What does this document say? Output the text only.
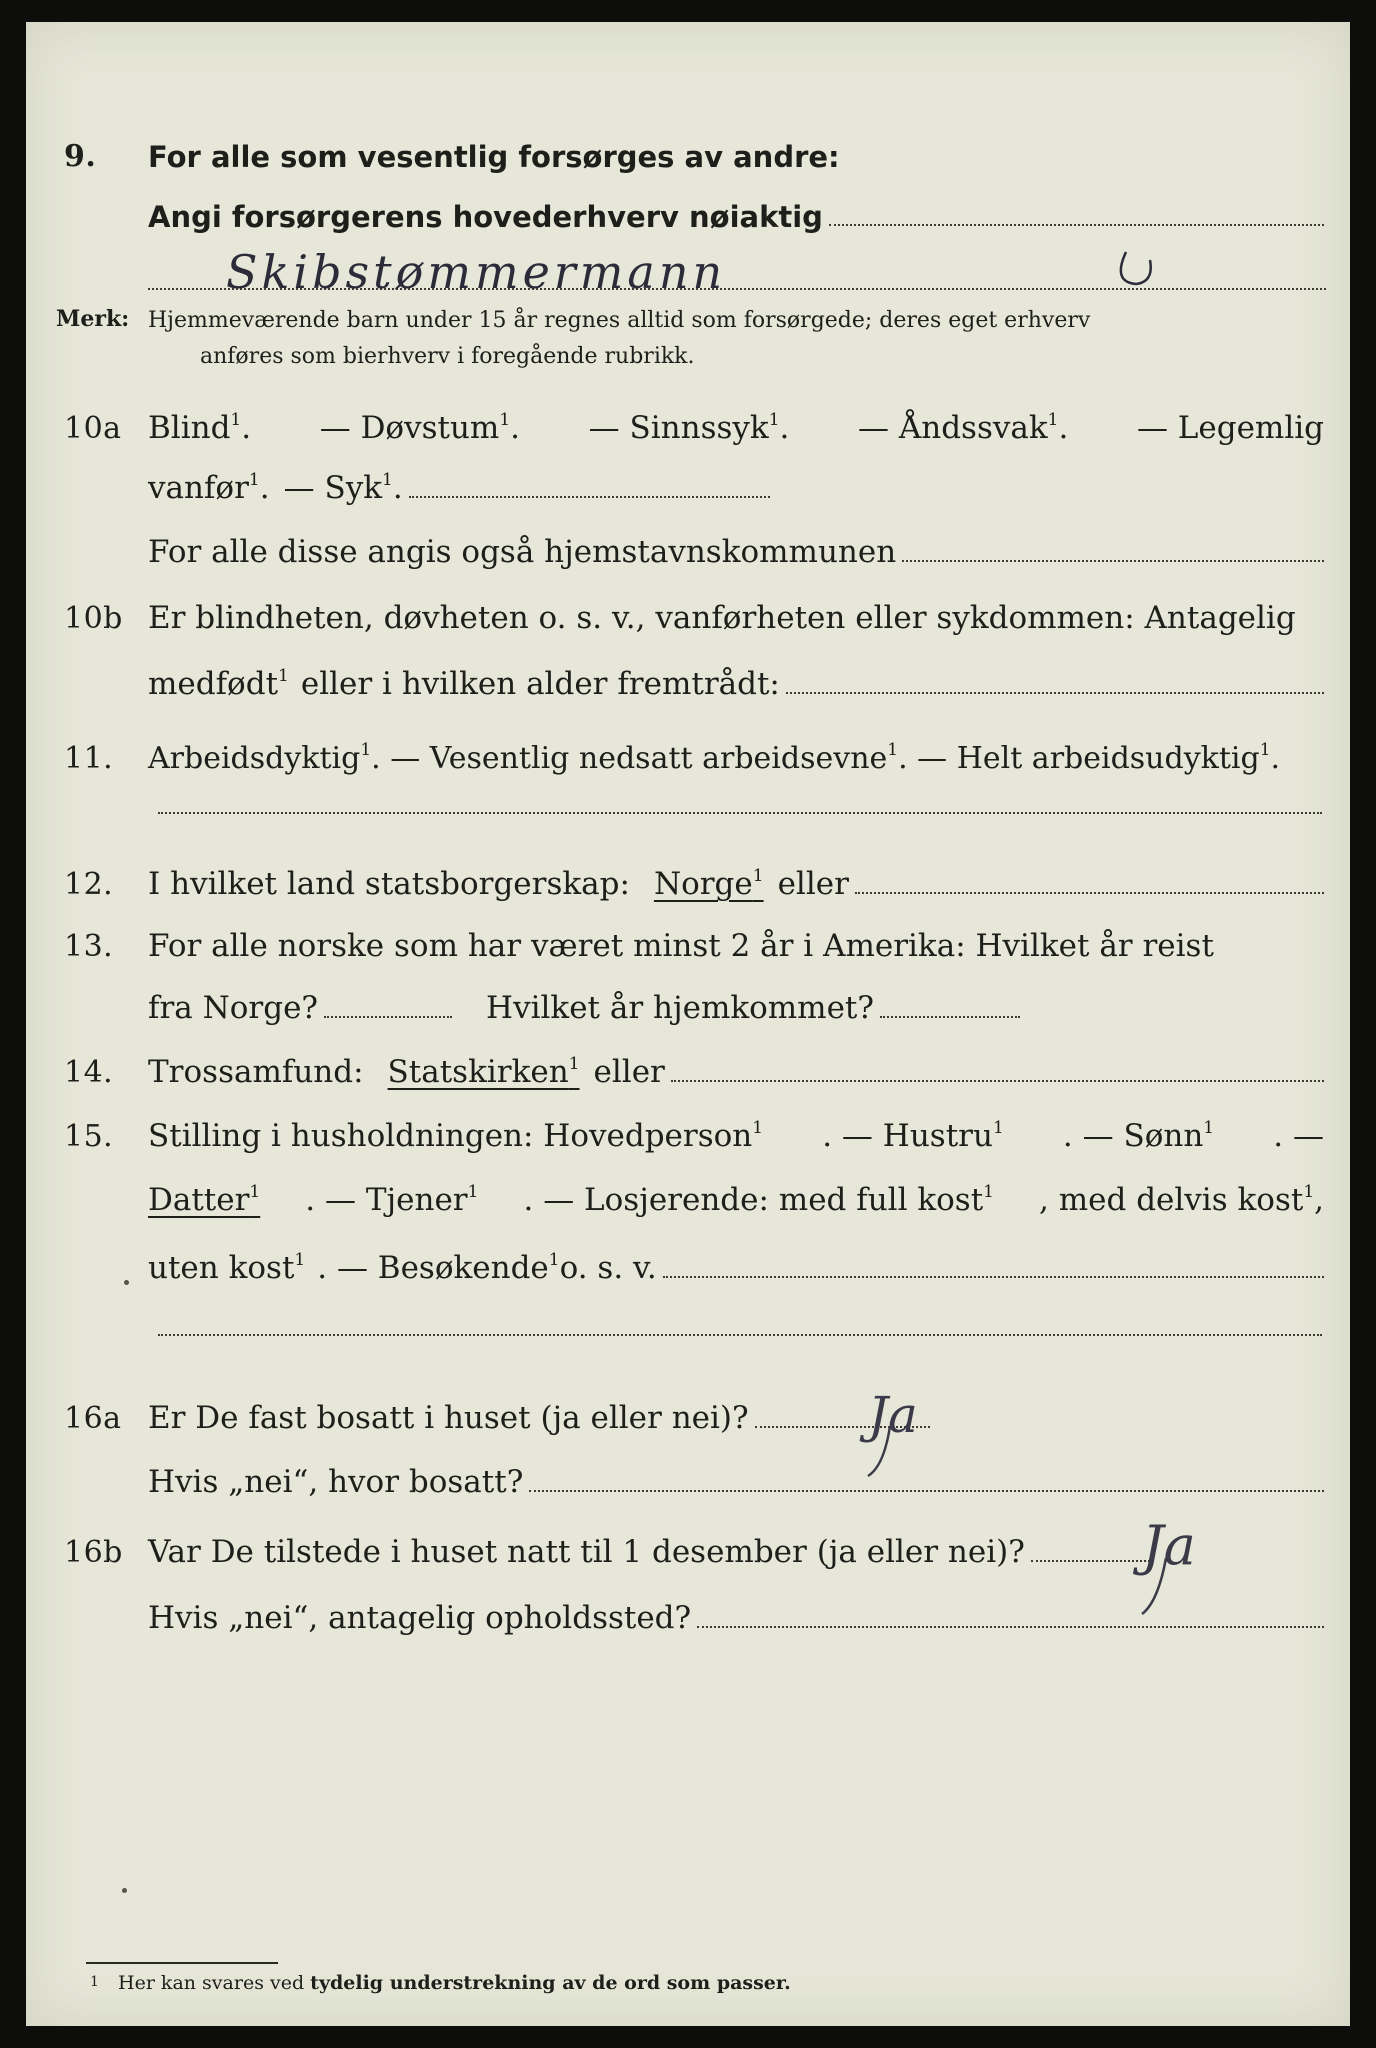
9. For alle som vesentlig forsørges av andre:
Angi forsørgerens hovederhverv nøiaktig
Skibstømmermann
Merk: Hjemmeværende barn under 15 år regnes alltid som forsørgede; deres eget erhverv
anføres som bierhverv i foregående rubrikk.
10a Blind$^1$. — Døvstum$^1$. — Sinnssyk$^1$. — Åndssvak$^1$. — Legemlig
vanfør$^1$. — Syk$^1$.
For alle disse angis også hjemstavnskommunen
10b Er blindheten, døvheten o. s. v., vanførheten eller sykdommen: Antagelig
medfødt$^1$ eller i hvilken alder fremtrådt:
11. Arbeidsdyktig$^1$ . — Vesentlig nedsatt arbeidsevne$^1$ . — Helt arbeidsudyktig$^1$ .
12. I hvilket land statsborgerskap: Norge$^1$ eller
13. For alle norske som har været minst 2 år i Amerika: Hvilket år reist
fra Norge?	Hvilket år hjemkommet?
14. Trossamfund: Statskirken$^1$ eller
15. Stilling i husholdningen: Hovedperson$^1$ . — Hustru$^1$ . — Sønn$^1$ . —
Datter$^1$ . — Tjener$^1$ . — Losjerende: med full kost$^1$ , med delvis kost$^1$,
uten kost$^1$ . — Besøkende$^1$ o. s. v.
16a Er De fast bosatt i huset (ja eller nei)? Ja
Hvis „nei“, hvor bosatt?
16b Var De tilstede i huset natt til 1 desember (ja eller nei)? Ja
Hvis „nei“, antagelig opholdssted?
1 Her kan svares ved tydelig understrekning av de ord som passer.
